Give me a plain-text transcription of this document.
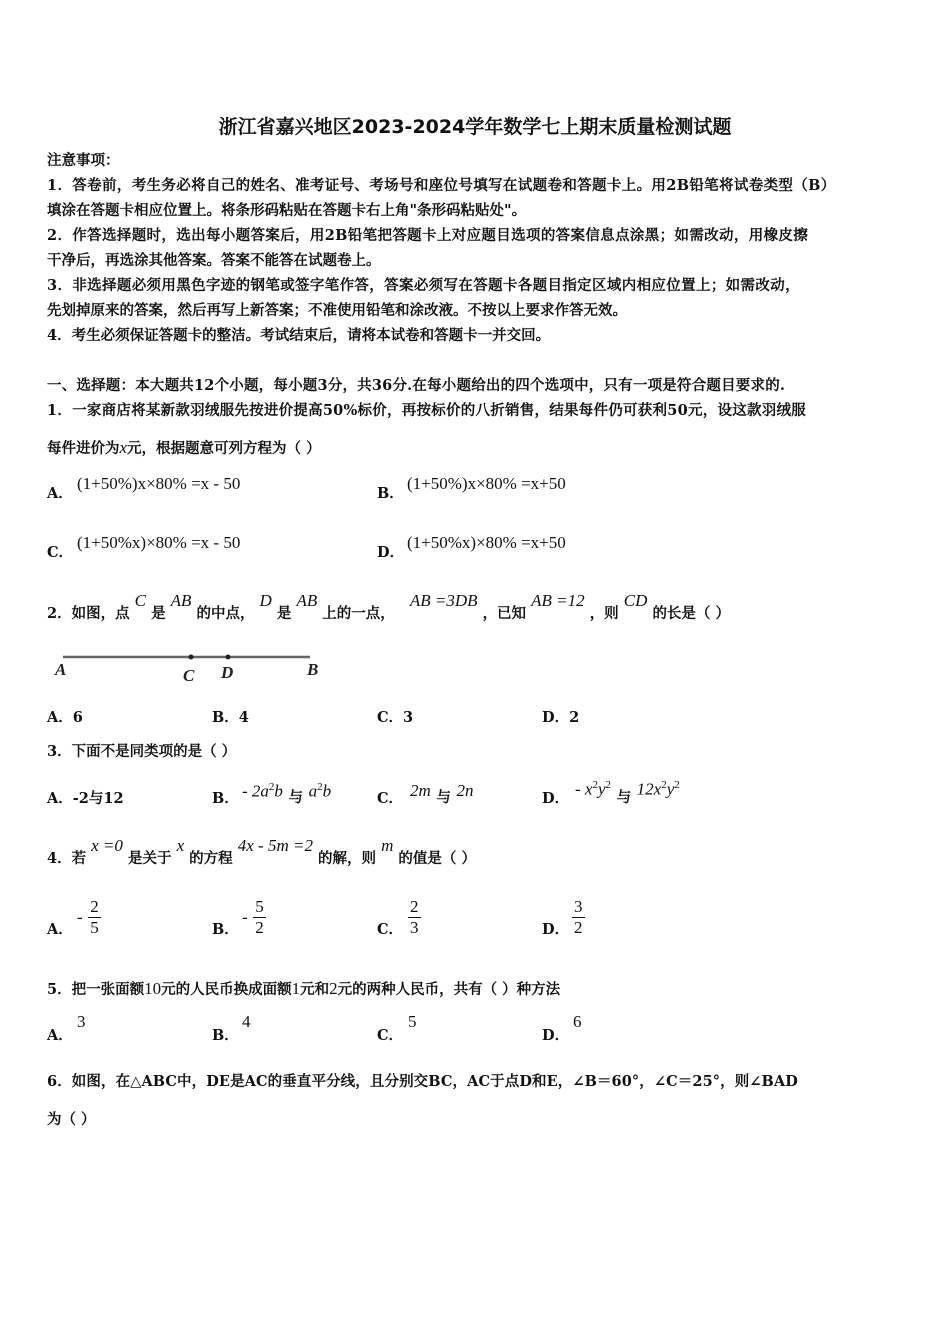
浙江省嘉兴地区2023-2024学年数学七上期末质量检测试题
注意事项：
1．答卷前，考生务必将自己的姓名、准考证号、考场号和座位号填写在试题卷和答题卡上。用2B铅笔将试卷类型（B）
填涂在答题卡相应位置上。将条形码粘贴在答题卡右上角"条形码粘贴处"。
2．作答选择题时，选出每小题答案后，用2B铅笔把答题卡上对应题目选项的答案信息点涂黑；如需改动，用橡皮擦
干净后，再选涂其他答案。答案不能答在试题卷上。
3．非选择题必须用黑色字迹的钢笔或签字笔作答，答案必须写在答题卡各题目指定区域内相应位置上；如需改动，
先划掉原来的答案，然后再写上新答案；不准使用铅笔和涂改液。不按以上要求作答无效。
4．考生必须保证答题卡的整洁。考试结束后，请将本试卷和答题卡一并交回。
一、选择题：本大题共12个小题，每小题3分，共36分.在每小题给出的四个选项中，只有一项是符合题目要求的.
1．一家商店将某新款羽绒服先按进价提高50%标价，再按标价的八折销售，结果每件仍可获利50元，设这款羽绒服
每件进价为x元，根据题意可列方程为（ ）
A．
(1+50%)x×80% =x - 50
B．
(1+50%)x×80% =x+50
C．
(1+50%x)×80% =x - 50
D．
(1+50%x)×80% =x+50
2．如图，点 C 是 AB 的中点， D 是 AB 上的一点， AB =3DB ，已知 AB =12 ，则 CD 的长是（ ）
A	C D	B
A．6	B．4	C．3	D．2
3．下面不是同类项的是（ ）
A．-2与12	B． - $2a^2b$ 与 $a^2b$	C． 2m 与 2n	D．
- $x^2y^2$ 与 $12x^2y^2$
4．若 x =0 是关于 x 的方程 4x - 5m =2 的解，则 m 的值是（ ）
A．
- $\frac{2}{5}$	B．
- $\frac{5}{2}$	C． $\frac{2}{3}$	D． $\frac{3}{2}$
5．把一张面额10元的人民币换成面额1元和2元的两种人民币，共有（ ）种方法
A．
3
B．
4
C．
5
D．
6
6．如图，在△ABC中，DE是AC的垂直平分线，且分别交BC，AC于点D和E，∠B＝60°，∠C＝25°，则∠BAD
为（ ）
